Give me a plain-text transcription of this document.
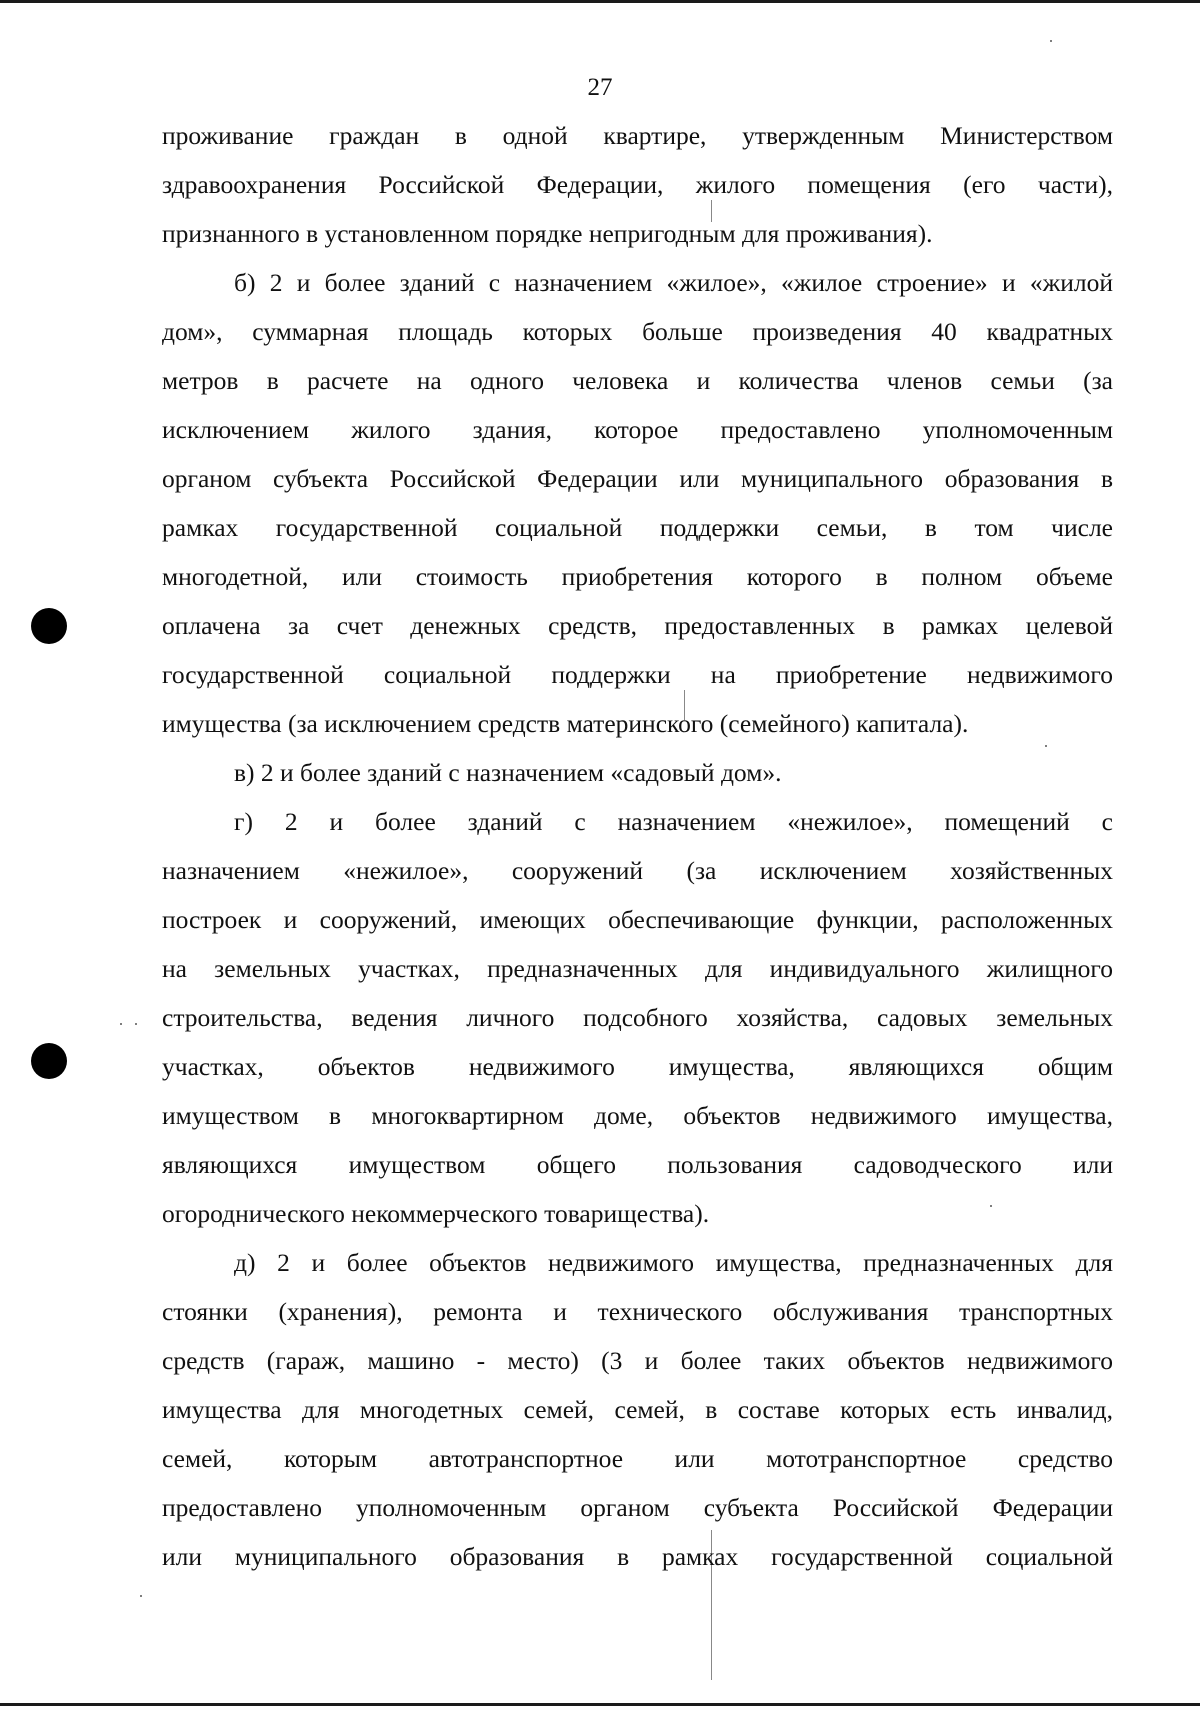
27

проживание граждан в одной квартире, утвержденным Министерством
здравоохранения Российской Федерации, жилого помещения (его части),
признанного в установленном порядке непригодным для проживания).

б) 2 и более зданий с назначением «жилое», «жилое строение» и «жилой
дом», суммарная площадь которых больше произведения 40 квадратных
метров в расчете на одного человека и количества членов семьи (за
исключением жилого здания, которое предоставлено уполномоченным
органом субъекта Российской Федерации или муниципального образования в
рамках государственной социальной поддержки семьи, в том числе
многодетной, или стоимость приобретения которого в полном объеме
оплачена за счет денежных средств, предоставленных в рамках целевой
государственной социальной поддержки на приобретение недвижимого
имущества (за исключением средств материнского (семейного) капитала).

в) 2 и более зданий с назначением «садовый дом».

г) 2 и более зданий с назначением «нежилое», помещений с
назначением «нежилое», сооружений (за исключением хозяйственных
построек и сооружений, имеющих обеспечивающие функции, расположенных
на земельных участках, предназначенных для индивидуального жилищного
строительства, ведения личного подсобного хозяйства, садовых земельных
участках, объектов недвижимого имущества, являющихся общим
имуществом в многоквартирном доме, объектов недвижимого имущества,
являющихся имуществом общего пользования садоводческого или
огороднического некоммерческого товарищества).

д) 2 и более объектов недвижимого имущества, предназначенных для
стоянки (хранения), ремонта и технического обслуживания транспортных
средств (гараж, машино - место) (3 и более таких объектов недвижимого
имущества для многодетных семей, семей, в составе которых есть инвалид,
семей, которым автотранспортное или мототранспортное средство
предоставлено уполномоченным органом субъекта Российской Федерации
или муниципального образования в рамках государственной социальной
